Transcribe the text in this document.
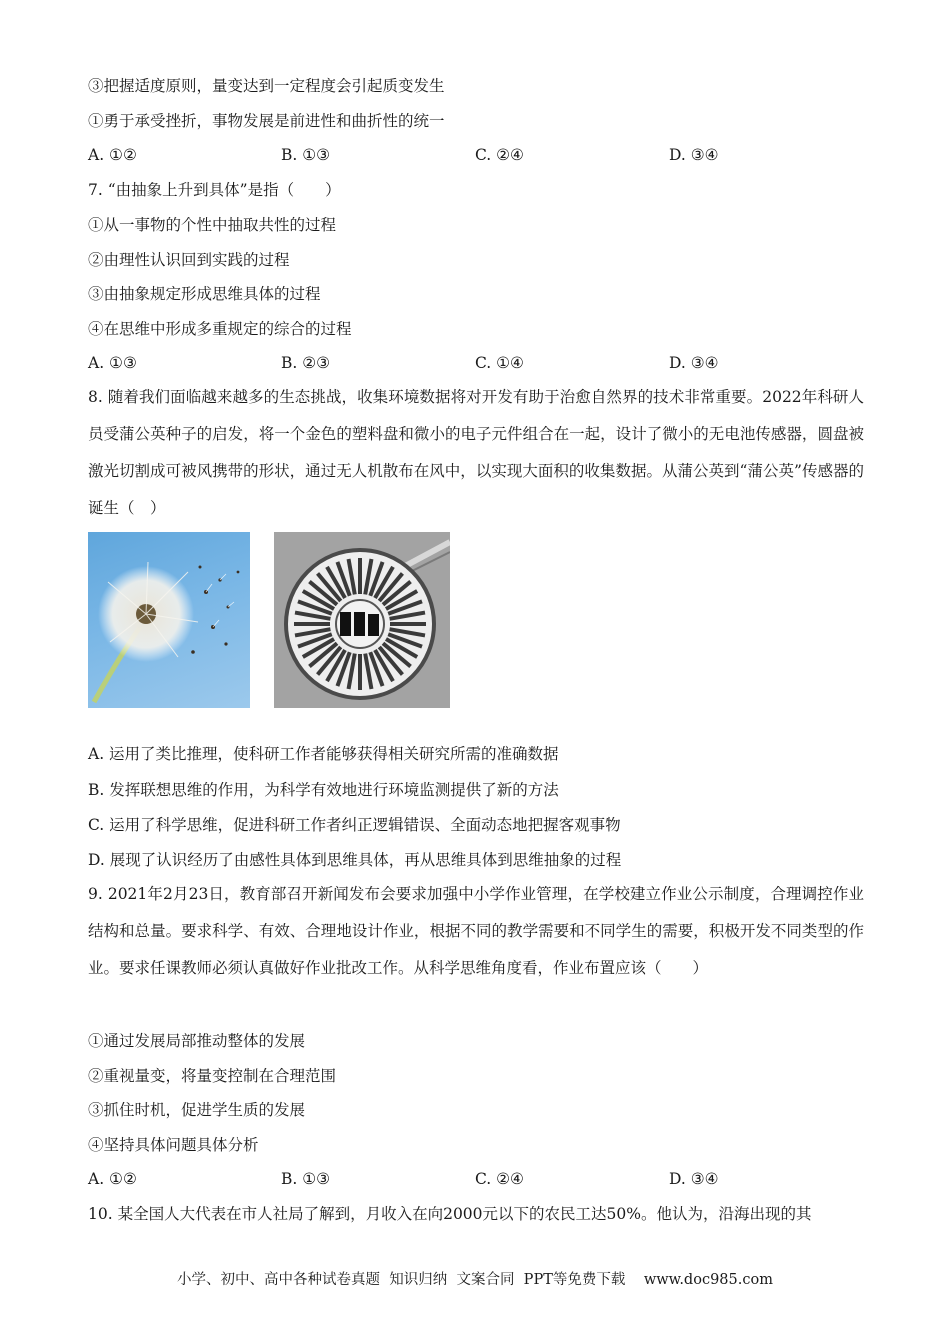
③把握适度原则，量变达到一定程度会引起质变发生
①勇于承受挫折，事物发展是前进性和曲折性的统一
A. ①②	B. ①③	C. ②④	D. ③④
7. “由抽象上升到具体”是指（　　）
①从一事物的个性中抽取共性的过程
②由理性认识回到实践的过程
③由抽象规定形成思维具体的过程
④在思维中形成多重规定的综合的过程
A. ①③	B. ②③	C. ①④	D. ③④
8. 随着我们面临越来越多的生态挑战，收集环境数据将对开发有助于治愈自然界的技术非常重要。2022年科研人员受蒲公英种子的启发，将一个金色的塑料盘和微小的电子元件组合在一起，设计了微小的无电池传感器，圆盘被激光切割成可被风携带的形状，通过无人机散布在风中，以实现大面积的收集数据。从蒲公英到“蒲公英”传感器的诞生（　）
A. 运用了类比推理，使科研工作者能够获得相关研究所需的准确数据
B. 发挥联想思维的作用，为科学有效地进行环境监测提供了新的方法
C. 运用了科学思维，促进科研工作者纠正逻辑错误、全面动态地把握客观事物
D. 展现了认识经历了由感性具体到思维具体，再从思维具体到思维抽象的过程
9. 2021年2月23日，教育部召开新闻发布会要求加强中小学作业管理，在学校建立作业公示制度，合理调控作业结构和总量。要求科学、有效、合理地设计作业，根据不同的教学需要和不同学生的需要，积极开发不同类型的作业。要求任课教师必须认真做好作业批改工作。从科学思维角度看，作业布置应该（　　）
①通过发展局部推动整体的发展
②重视量变，将量变控制在合理范围
③抓住时机，促进学生质的发展
④坚持具体问题具体分析
A. ①②	B. ①③	C. ②④	D. ③④
10. 某全国人大代表在市人社局了解到，月收入在向2000元以下的农民工达50%。他认为，沿海出现的其
小学、初中、高中各种试卷真题  知识归纳  文案合同  PPT等免费下载 www.doc985.com
